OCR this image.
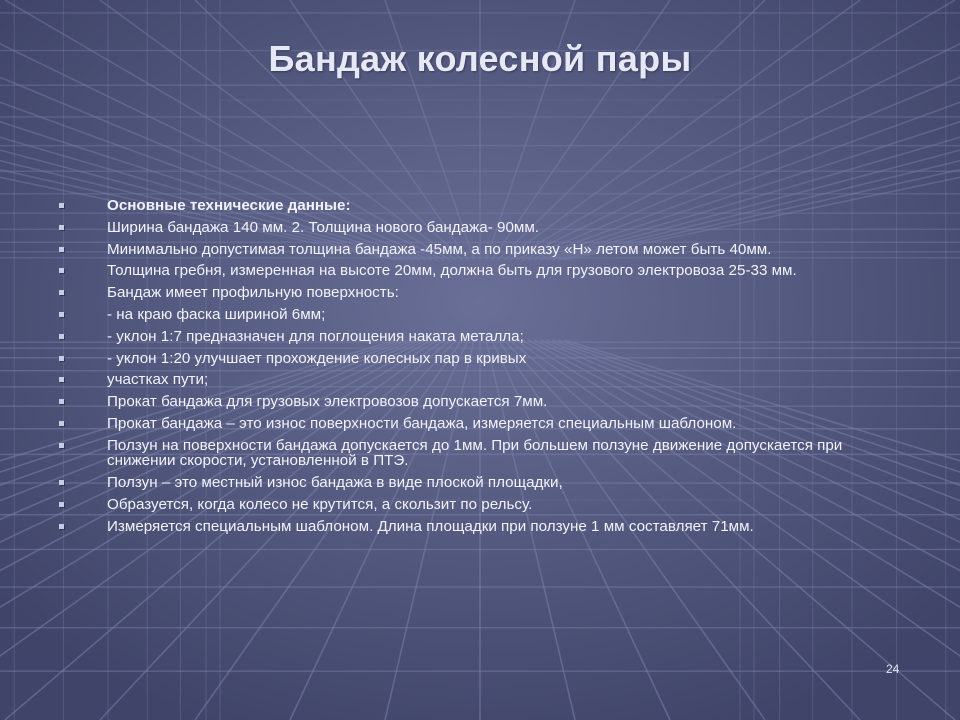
Бандаж колесной пары
Основные технические данные:
Ширина бандажа 140 мм. 2. Толщина нового бандажа- 90мм.
Минимально допустимая толщина бандажа -45мм, а по приказу «Н» летом может быть 40мм.
Толщина гребня, измеренная на высоте 20мм, должна быть для грузового электровоза 25-33 мм.
Бандаж имеет профильную поверхность:
- на краю фаска шириной 6мм;
- уклон 1:7 предназначен для поглощения наката металла;
- уклон 1:20 улучшает прохождение колесных пар в кривых
участках пути;
Прокат бандажа для грузовых электровозов допускается 7мм.
Прокат бандажа – это износ поверхности бандажа, измеряется специальным шаблоном.
Ползун на поверхности бандажа допускается до 1мм. При большем ползуне движение допускается при снижении скорости, установленной в ПТЭ.
Ползун – это местный износ бандажа в виде плоской площадки,
Образуется, когда колесо не крутится, а скользит по рельсу.
Измеряется специальным шаблоном. Длина площадки при ползуне 1 мм составляет 71мм.
24
